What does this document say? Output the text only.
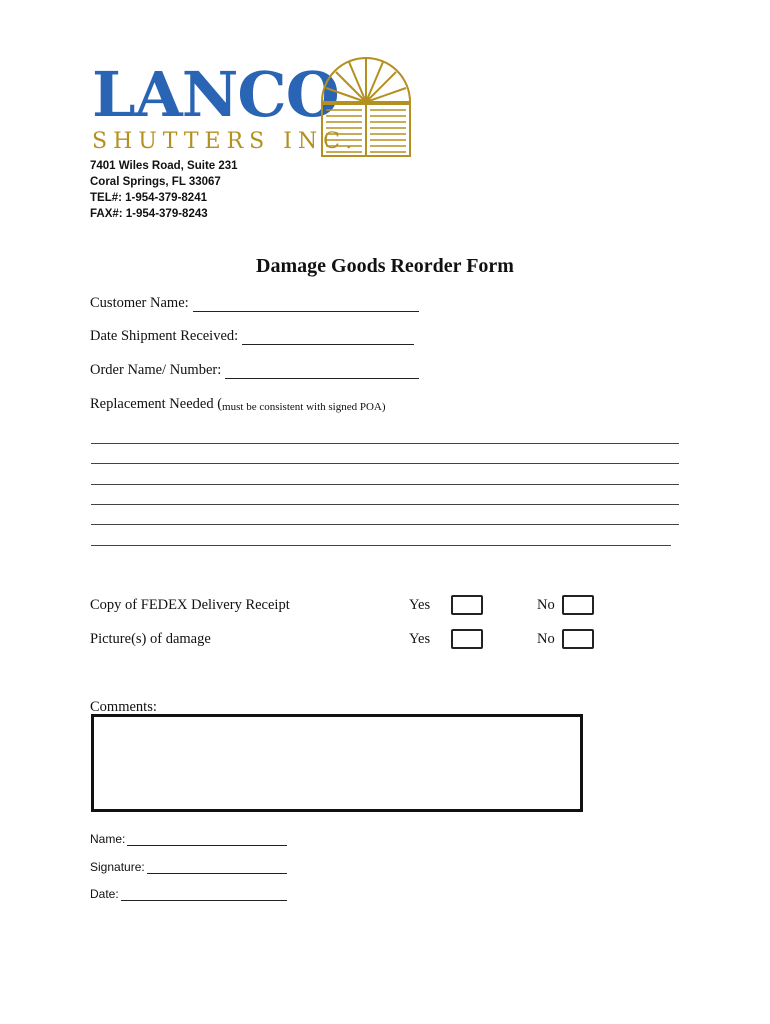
LANCO
SHUTTERS INC.
7401 Wiles Road, Suite 231
Coral Springs, FL 33067
TEL#: 1-954-379-8241
FAX#: 1-954-379-8243
Damage Goods Reorder Form
Customer Name:
Date Shipment Received:
Order Name/ Number:
Replacement Needed ( must be consistent with signed POA)
Copy of FEDEX Delivery Receipt	Yes	No
Picture(s) of damage	Yes	No
Comments:
Name:
Signature:
Date:
